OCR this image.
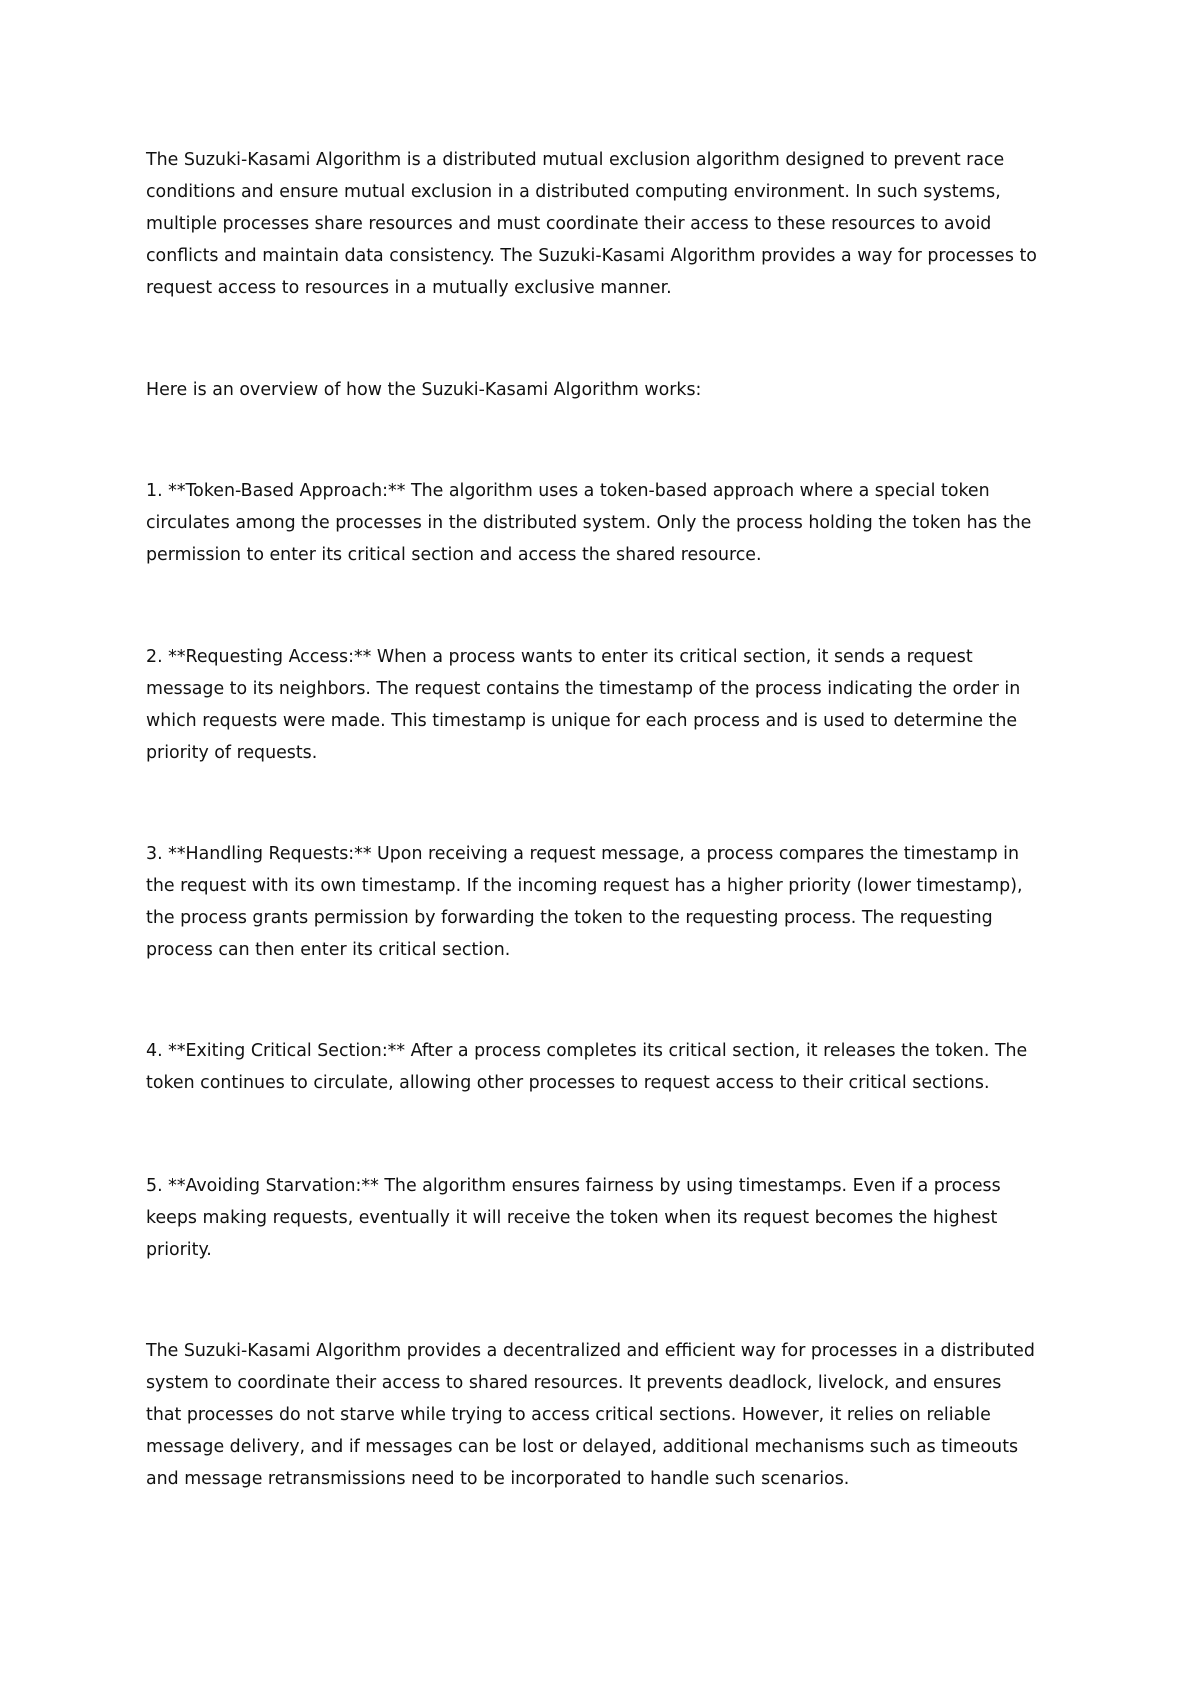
The Suzuki-Kasami Algorithm is a distributed mutual exclusion algorithm designed to prevent race
conditions and ensure mutual exclusion in a distributed computing environment. In such systems,
multiple processes share resources and must coordinate their access to these resources to avoid
conflicts and maintain data consistency. The Suzuki-Kasami Algorithm provides a way for processes to
request access to resources in a mutually exclusive manner.

Here is an overview of how the Suzuki-Kasami Algorithm works:

1. **Token-Based Approach:** The algorithm uses a token-based approach where a special token
circulates among the processes in the distributed system. Only the process holding the token has the
permission to enter its critical section and access the shared resource.

2. **Requesting Access:** When a process wants to enter its critical section, it sends a request
message to its neighbors. The request contains the timestamp of the process indicating the order in
which requests were made. This timestamp is unique for each process and is used to determine the
priority of requests.

3. **Handling Requests:** Upon receiving a request message, a process compares the timestamp in
the request with its own timestamp. If the incoming request has a higher priority (lower timestamp),
the process grants permission by forwarding the token to the requesting process. The requesting
process can then enter its critical section.

4. **Exiting Critical Section:** After a process completes its critical section, it releases the token. The
token continues to circulate, allowing other processes to request access to their critical sections.

5. **Avoiding Starvation:** The algorithm ensures fairness by using timestamps. Even if a process
keeps making requests, eventually it will receive the token when its request becomes the highest
priority.

The Suzuki-Kasami Algorithm provides a decentralized and efficient way for processes in a distributed
system to coordinate their access to shared resources. It prevents deadlock, livelock, and ensures
that processes do not starve while trying to access critical sections. However, it relies on reliable
message delivery, and if messages can be lost or delayed, additional mechanisms such as timeouts
and message retransmissions need to be incorporated to handle such scenarios.
